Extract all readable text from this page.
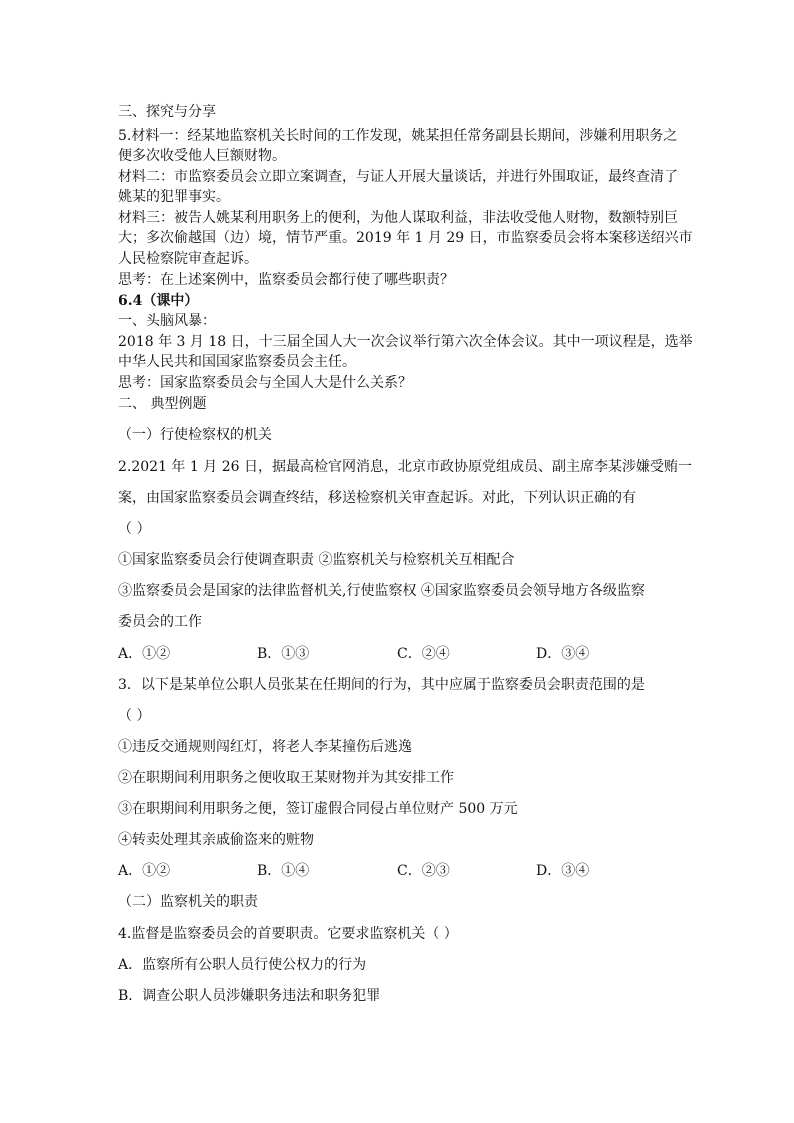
三、探究与分享
5.材料一：经某地监察机关长时间的工作发现，姚某担任常务副县长期间，涉嫌利用职务之
便多次收受他人巨额财物。
材料二：市监察委员会立即立案调查，与证人开展大量谈话，并进行外围取证，最终查清了
姚某的犯罪事实。
材料三：被告人姚某利用职务上的便利，为他人谋取利益，非法收受他人财物，数额特别巨
大；多次偷越国（边）境，情节严重。2019 年 1 月 29 日，市监察委员会将本案移送绍兴市
人民检察院审查起诉。
思考：在上述案例中，监察委员会都行使了哪些职责？
6.4（课中）
一、头脑风暴：
2018 年 3 月 18 日，十三届全国人大一次会议举行第六次全体会议。其中一项议程是，选举
中华人民共和国国家监察委员会主任。
思考：国家监察委员会与全国人大是什么关系？
二、 典型例题
（一）行使检察权的机关
2.2021 年 1 月 26 日，据最高检官网消息，北京市政协原党组成员、副主席李某涉嫌受贿一
案，由国家监察委员会调查终结，移送检察机关审查起诉。对此，下列认识正确的有
（ ）
①国家监察委员会行使调查职责 ②监察机关与检察机关互相配合
③监察委员会是国家的法律监督机关,行使监察权 ④国家监察委员会领导地方各级监察
委员会的工作
A．①②	B．①③	C．②④	D．③④
3．以下是某单位公职人员张某在任期间的行为，其中应属于监察委员会职责范围的是
（ ）
①违反交通规则闯红灯，将老人李某撞伤后逃逸
②在职期间利用职务之便收取王某财物并为其安排工作
③在职期间利用职务之便，签订虚假合同侵占单位财产 500 万元
④转卖处理其亲戚偷盗来的赃物
A．①②	B．①④	C．②③	D．③④
（二）监察机关的职责
4.监督是监察委员会的首要职责。它要求监察机关（ ）
A．监察所有公职人员行使公权力的行为
B．调查公职人员涉嫌职务违法和职务犯罪
